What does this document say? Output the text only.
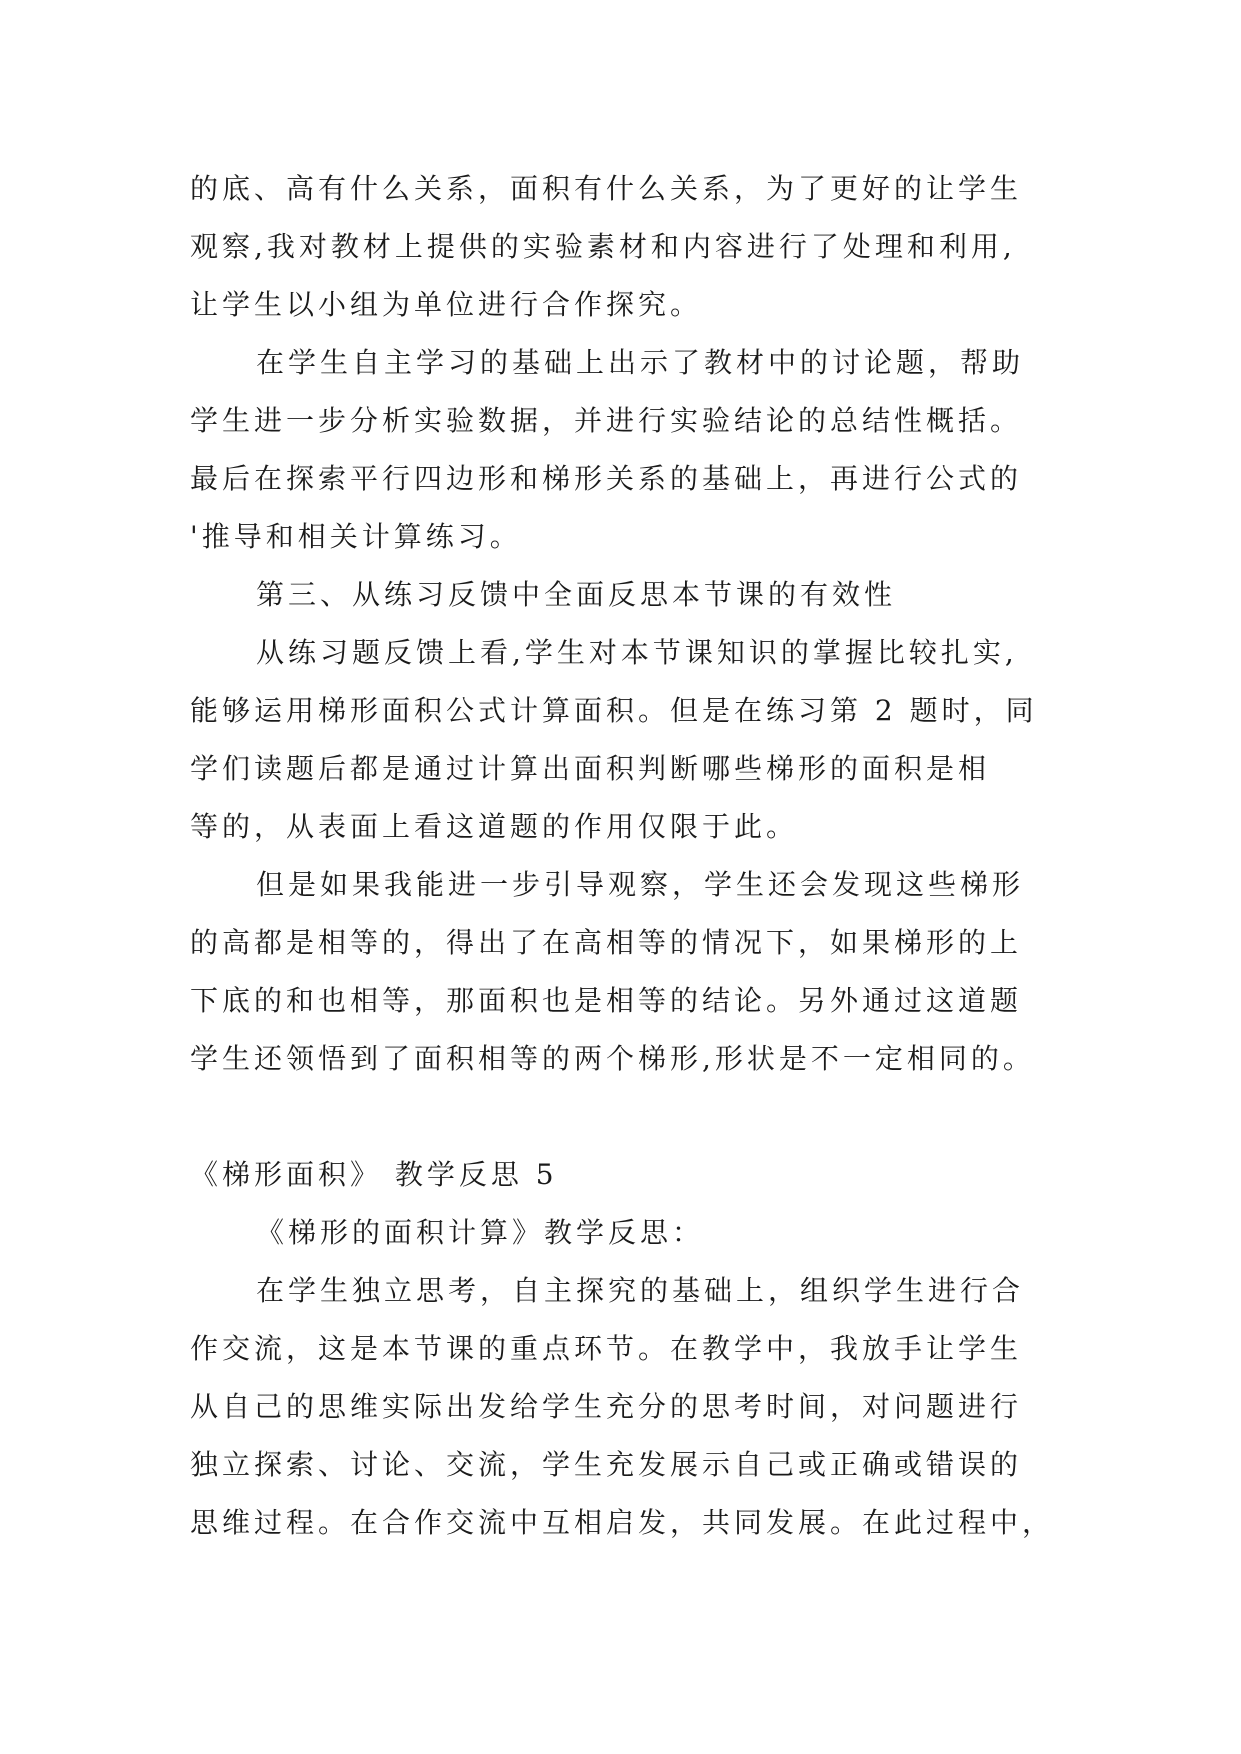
的底、高有什么关系，面积有什么关系，为了更好的让学生
观察,我对教材上提供的实验素材和内容进行了处理和利用,
让学生以小组为单位进行合作探究。
在学生自主学习的基础上出示了教材中的讨论题，帮助
学生进一步分析实验数据，并进行实验结论的总结性概括。
最后在探索平行四边形和梯形关系的基础上，再进行公式的
'推导和相关计算练习。
第三、从练习反馈中全面反思本节课的有效性
从练习题反馈上看,学生对本节课知识的掌握比较扎实,
能够运用梯形面积公式计算面积。但是在练习第 2 题时，同
学们读题后都是通过计算出面积判断哪些梯形的面积是相
等的，从表面上看这道题的作用仅限于此。
但是如果我能进一步引导观察，学生还会发现这些梯形
的高都是相等的，得出了在高相等的情况下，如果梯形的上
下底的和也相等，那面积也是相等的结论。另外通过这道题
学生还领悟到了面积相等的两个梯形,形状是不一定相同的。
《梯形面积》 教学反思 5
《梯形的面积计算》教学反思：
在学生独立思考，自主探究的基础上，组织学生进行合
作交流，这是本节课的重点环节。在教学中，我放手让学生
从自己的思维实际出发给学生充分的思考时间，对问题进行
独立探索、讨论、交流，学生充发展示自己或正确或错误的
思维过程。在合作交流中互相启发，共同发展。在此过程中，
